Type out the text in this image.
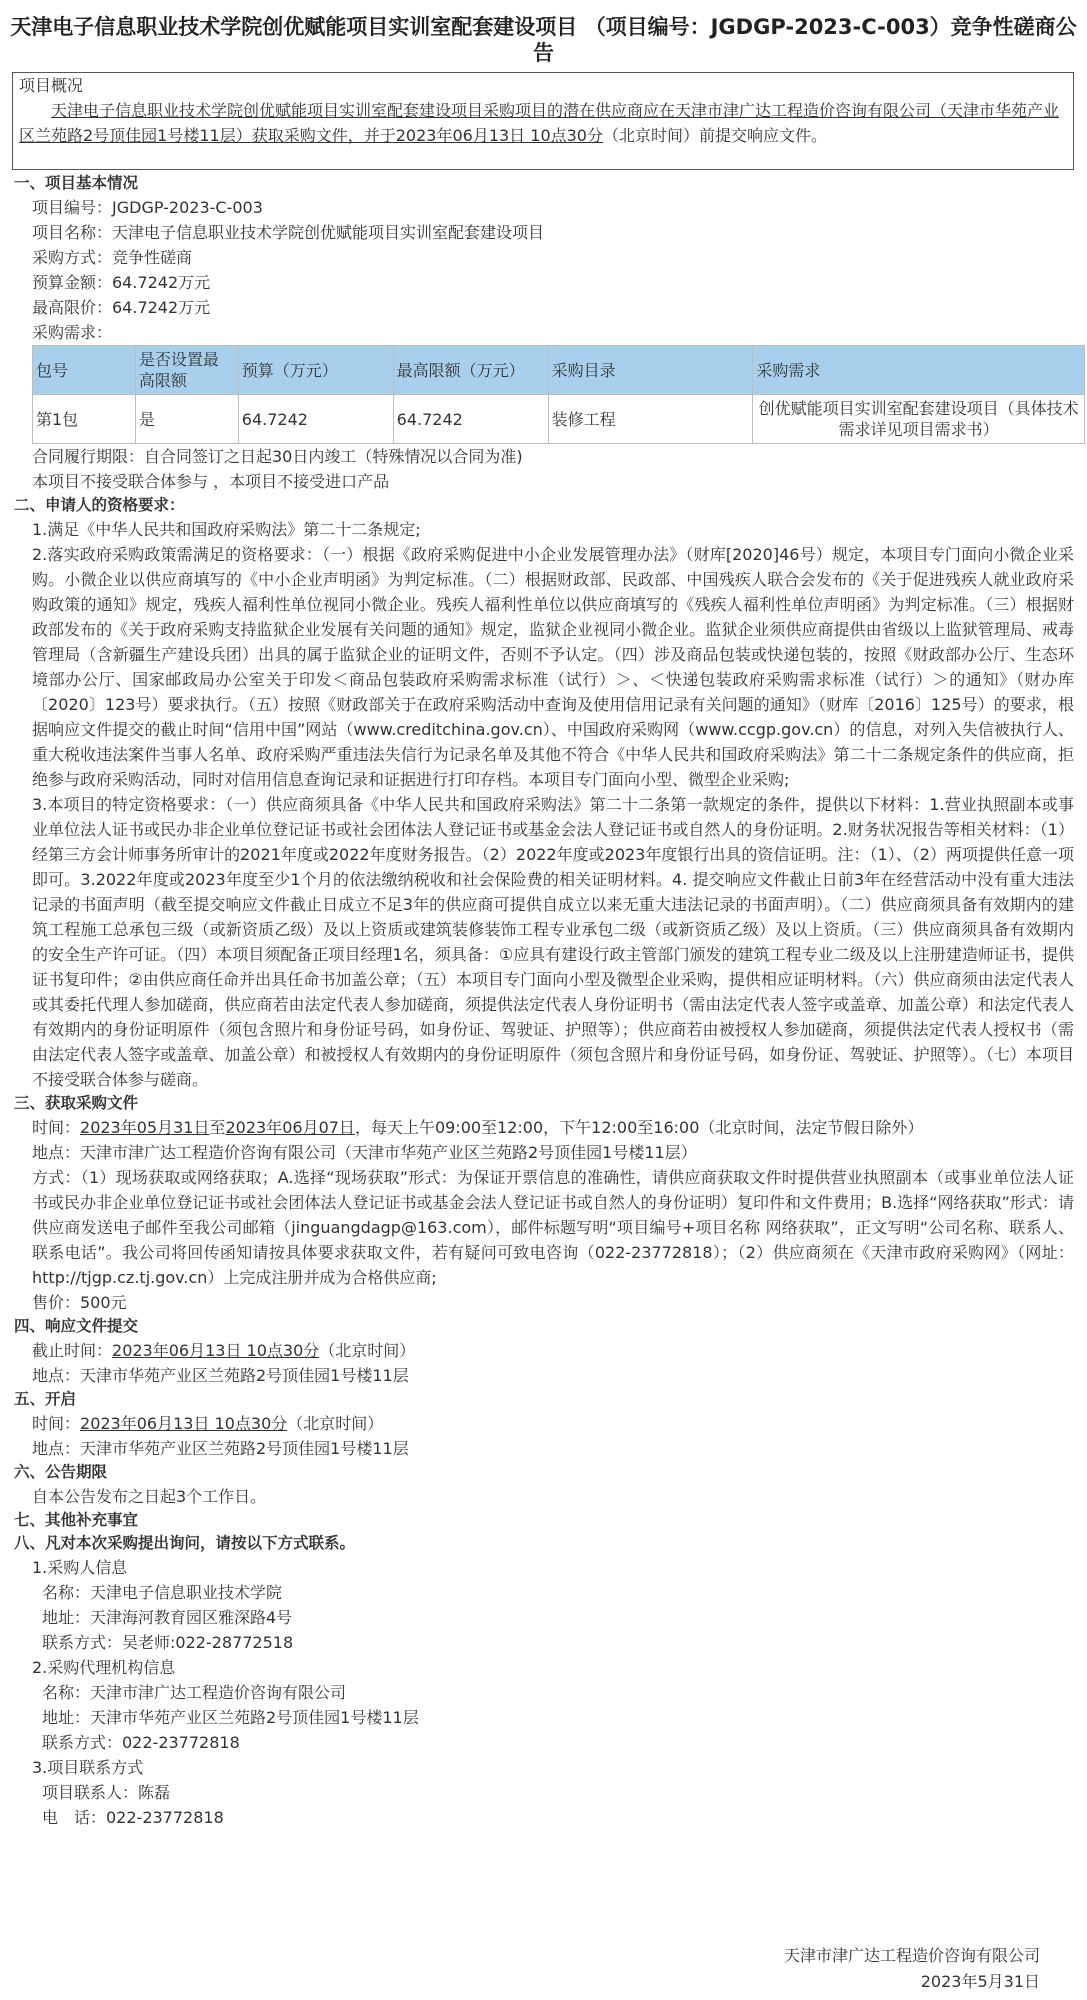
天津电子信息职业技术学院创优赋能项目实训室配套建设项目 （项目编号：JGDGP-2023-C-003）竞争性磋商公告
项目概况
天津电子信息职业技术学院创优赋能项目实训室配套建设项目采购项目的潜在供应商应在天津市津广达工程造价咨询有限公司（天津市华苑产业区兰苑路2号顶佳园1号楼11层）获取采购文件，并于2023年06月13日 10点30分（北京时间）前提交响应文件。
一、项目基本情况
项目编号：JGDGP-2023-C-003
项目名称：天津电子信息职业技术学院创优赋能项目实训室配套建设项目
采购方式：竞争性磋商
预算金额：64.7242万元
最高限价：64.7242万元
采购需求：
包号	是否设置最高限额	预算（万元）	最高限额（万元）	采购目录	采购需求
第1包	是	64.7242	64.7242	装修工程	创优赋能项目实训室配套建设项目（具体技术需求详见项目需求书）
合同履行期限：自合同签订之日起30日内竣工（特殊情况以合同为准)
本项目不接受联合体参与 ，本项目不接受进口产品
二、申请人的资格要求：
1.满足《中华人民共和国政府采购法》第二十二条规定;
2.落实政府采购政策需满足的资格要求：（一）根据《政府采购促进中小企业发展管理办法》（财库[2020]46号）规定，本项目专门面向小微企业采购。小微企业以供应商填写的《中小企业声明函》为判定标准。（二）根据财政部、民政部、中国残疾人联合会发布的《关于促进残疾人就业政府采购政策的通知》规定，残疾人福利性单位视同小微企业。残疾人福利性单位以供应商填写的《残疾人福利性单位声明函》为判定标准。（三）根据财政部发布的《关于政府采购支持监狱企业发展有关问题的通知》规定，监狱企业视同小微企业。监狱企业须供应商提供由省级以上监狱管理局、戒毒管理局（含新疆生产建设兵团）出具的属于监狱企业的证明文件，否则不予认定。（四）涉及商品包装或快递包装的，按照《财政部办公厅、生态环境部办公厅、国家邮政局办公室关于印发＜商品包装政府采购需求标准（试行）＞、＜快递包装政府采购需求标准（试行）＞的通知》（财办库〔2020〕123号）要求执行。（五）按照《财政部关于在政府采购活动中查询及使用信用记录有关问题的通知》（财库〔2016〕125号）的要求，根据响应文件提交的截止时间“信用中国”网站（www.creditchina.gov.cn）、中国政府采购网（www.ccgp.gov.cn）的信息，对列入失信被执行人、重大税收违法案件当事人名单、政府采购严重违法失信行为记录名单及其他不符合《中华人民共和国政府采购法》第二十二条规定条件的供应商，拒绝参与政府采购活动，同时对信用信息查询记录和证据进行打印存档。本项目专门面向小型、微型企业采购;
3.本项目的特定资格要求：（一）供应商须具备《中华人民共和国政府采购法》第二十二条第一款规定的条件，提供以下材料：1.营业执照副本或事业单位法人证书或民办非企业单位登记证书或社会团体法人登记证书或基金会法人登记证书或自然人的身份证明。2.财务状况报告等相关材料：（1）经第三方会计师事务所审计的2021年度或2022年度财务报告。（2）2022年度或2023年度银行出具的资信证明。注：（1）、（2）两项提供任意一项即可。3.2022年度或2023年度至少1个月的依法缴纳税收和社会保险费的相关证明材料。4. 提交响应文件截止日前3年在经营活动中没有重大违法记录的书面声明（截至提交响应文件截止日成立不足3年的供应商可提供自成立以来无重大违法记录的书面声明）。（二）供应商须具备有效期内的建筑工程施工总承包三级（或新资质乙级）及以上资质或建筑装修装饰工程专业承包二级（或新资质乙级）及以上资质。（三）供应商须具备有效期内的安全生产许可证。（四）本项目须配备正项目经理1名，须具备：①应具有建设行政主管部门颁发的建筑工程专业二级及以上注册建造师证书，提供证书复印件；②由供应商任命并出具任命书加盖公章；（五）本项目专门面向小型及微型企业采购，提供相应证明材料。（六）供应商须由法定代表人或其委托代理人参加磋商，供应商若由法定代表人参加磋商，须提供法定代表人身份证明书（需由法定代表人签字或盖章、加盖公章）和法定代表人有效期内的身份证明原件（须包含照片和身份证号码，如身份证、驾驶证、护照等）；供应商若由被授权人参加磋商，须提供法定代表人授权书（需由法定代表人签字或盖章、加盖公章）和被授权人有效期内的身份证明原件（须包含照片和身份证号码，如身份证、驾驶证、护照等）。（七）本项目不接受联合体参与磋商。
三、获取采购文件
时间：2023年05月31日至2023年06月07日，每天上午09:00至12:00，下午12:00至16:00（北京时间，法定节假日除外）
地点：天津市津广达工程造价咨询有限公司（天津市华苑产业区兰苑路2号顶佳园1号楼11层）
方式：（1）现场获取或网络获取；A.选择“现场获取”形式：为保证开票信息的准确性，请供应商获取文件时提供营业执照副本（或事业单位法人证书或民办非企业单位登记证书或社会团体法人登记证书或基金会法人登记证书或自然人的身份证明）复印件和文件费用；B.选择“网络获取”形式：请供应商发送电子邮件至我公司邮箱（jinguangdagp@163.com），邮件标题写明“项目编号+项目名称 网络获取”，正文写明“公司名称、联系人、联系电话”。我公司将回传函知请按具体要求获取文件，若有疑问可致电咨询（022-23772818）；（2）供应商须在《天津市政府采购网》（网址：http://tjgp.cz.tj.gov.cn）上完成注册并成为合格供应商;
售价：500元
四、响应文件提交
截止时间：2023年06月13日 10点30分（北京时间）
地点：天津市华苑产业区兰苑路2号顶佳园1号楼11层
五、开启
时间：2023年06月13日 10点30分（北京时间）
地点：天津市华苑产业区兰苑路2号顶佳园1号楼11层
六、公告期限
自本公告发布之日起3个工作日。
七、其他补充事宜
八、凡对本次采购提出询问，请按以下方式联系。
1.采购人信息
名称：天津电子信息职业技术学院
地址：天津海河教育园区雅深路4号
联系方式：吴老师:022-28772518
2.采购代理机构信息
名称：天津市津广达工程造价咨询有限公司
地址：天津市华苑产业区兰苑路2号顶佳园1号楼11层
联系方式：022-23772818
3.项目联系方式
项目联系人：陈磊
电　话：022-23772818
天津市津广达工程造价咨询有限公司
2023年5月31日
